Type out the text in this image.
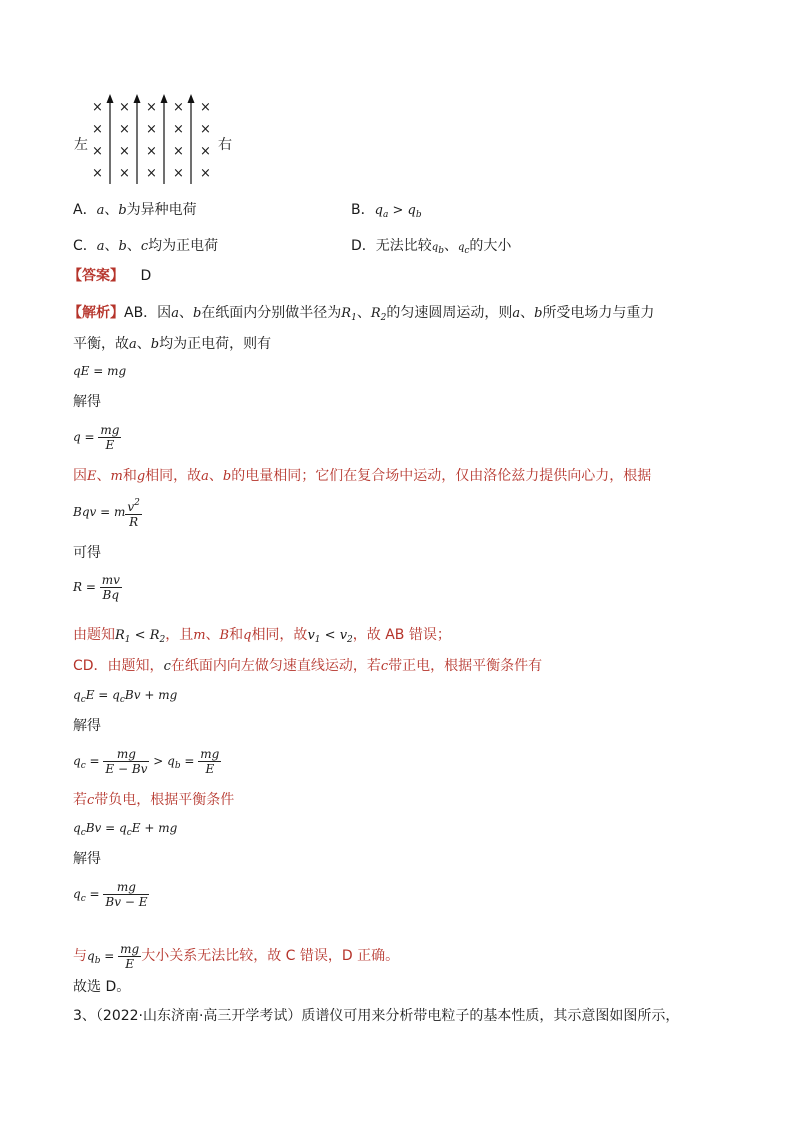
左	右
×
×
×
×
×
×
×
×
×
×
×
×
×
×
×
×
×
×
×
×
A．a、b为异种电荷	B．$q_a > q_b$
C．a、b、c均为正电荷	D．无法比较qb、qc的大小
【答案】 D
【解析】AB．因a、b在纸面内分别做半径为$R_1$、$R_2$的匀速圆周运动，则a、b所受电场力与重力
平衡，故a、b均为正电荷，则有
qE = mg
解得
$q = \frac{mg}{E}$
因E、m和g相同，故a、b的电量相同；它们在复合场中运动，仅由洛伦兹力提供向心力，根据
Bqv = m $\frac{v^2}{R}$
可得
$R = \frac{mv}{Bq}$
由题知$R_1 < R_2$，且m、B和q相同，故$v_1 < v_2$，故 AB 错误；
CD．由题知，c在纸面内向左做匀速直线运动，若c带正电，根据平衡条件有
$q_cE = q_cBv$ + mg
解得
$q_c = \frac{mg}{E - Bv} > q_b = \frac{mg}{E}$
若c带负电，根据平衡条件
$q_cBv = q_cE$ + mg
解得
$q_c = \frac{mg}{Bv - E}$
与$q_b = \frac{mg}{E}$ 大小关系无法比较，故 C 错误，D 正确。
故选 D。
3、（2022·山东济南·高三开学考试）质谱仪可用来分析带电粒子的基本性质，其示意图如图所示，
